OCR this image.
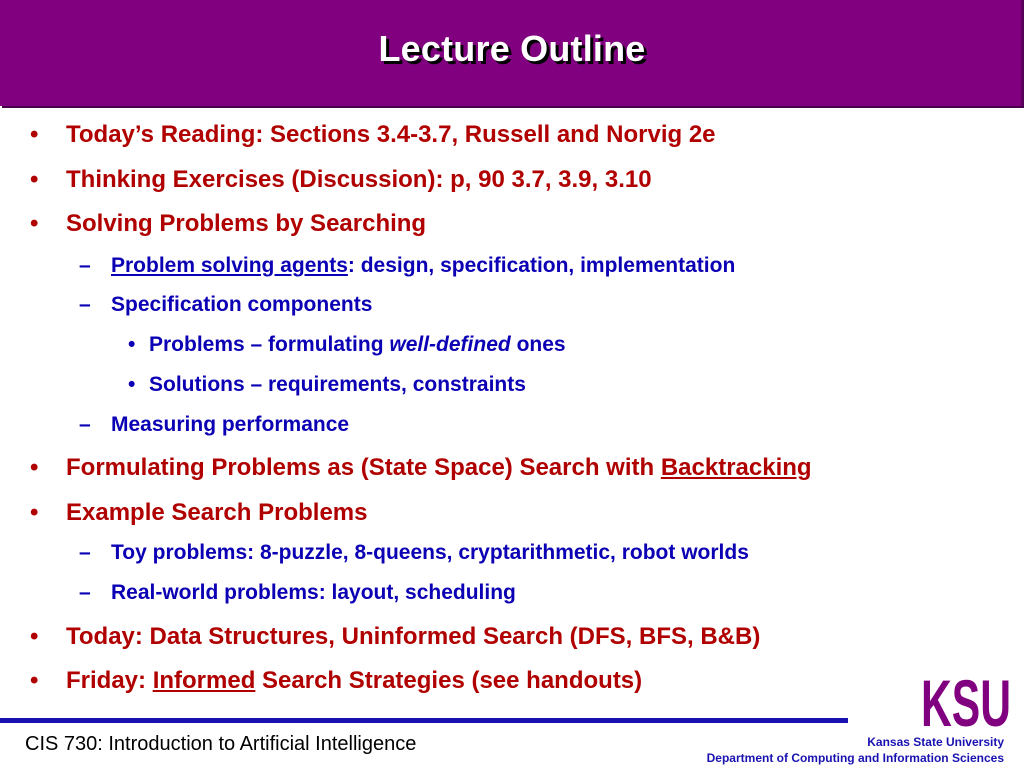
Lecture Outline
• Today’s Reading: Sections 3.4-3.7, Russell and Norvig 2e
• Thinking Exercises (Discussion): p, 90 3.7, 3.9, 3.10
• Solving Problems by Searching
– Problem solving agents: design, specification, implementation
– Specification components
• Problems – formulating well-defined ones
• Solutions – requirements, constraints
– Measuring performance
• Formulating Problems as (State Space) Search with Backtracking
• Example Search Problems
– Toy problems: 8-puzzle, 8-queens, cryptarithmetic, robot worlds
– Real-world problems: layout, scheduling
• Today: Data Structures, Uninformed Search (DFS, BFS, B&B)
• Friday: Informed Search Strategies (see handouts)
CIS 730: Introduction to Artificial Intelligence
KSU
Kansas State University
Department of Computing and Information Sciences
